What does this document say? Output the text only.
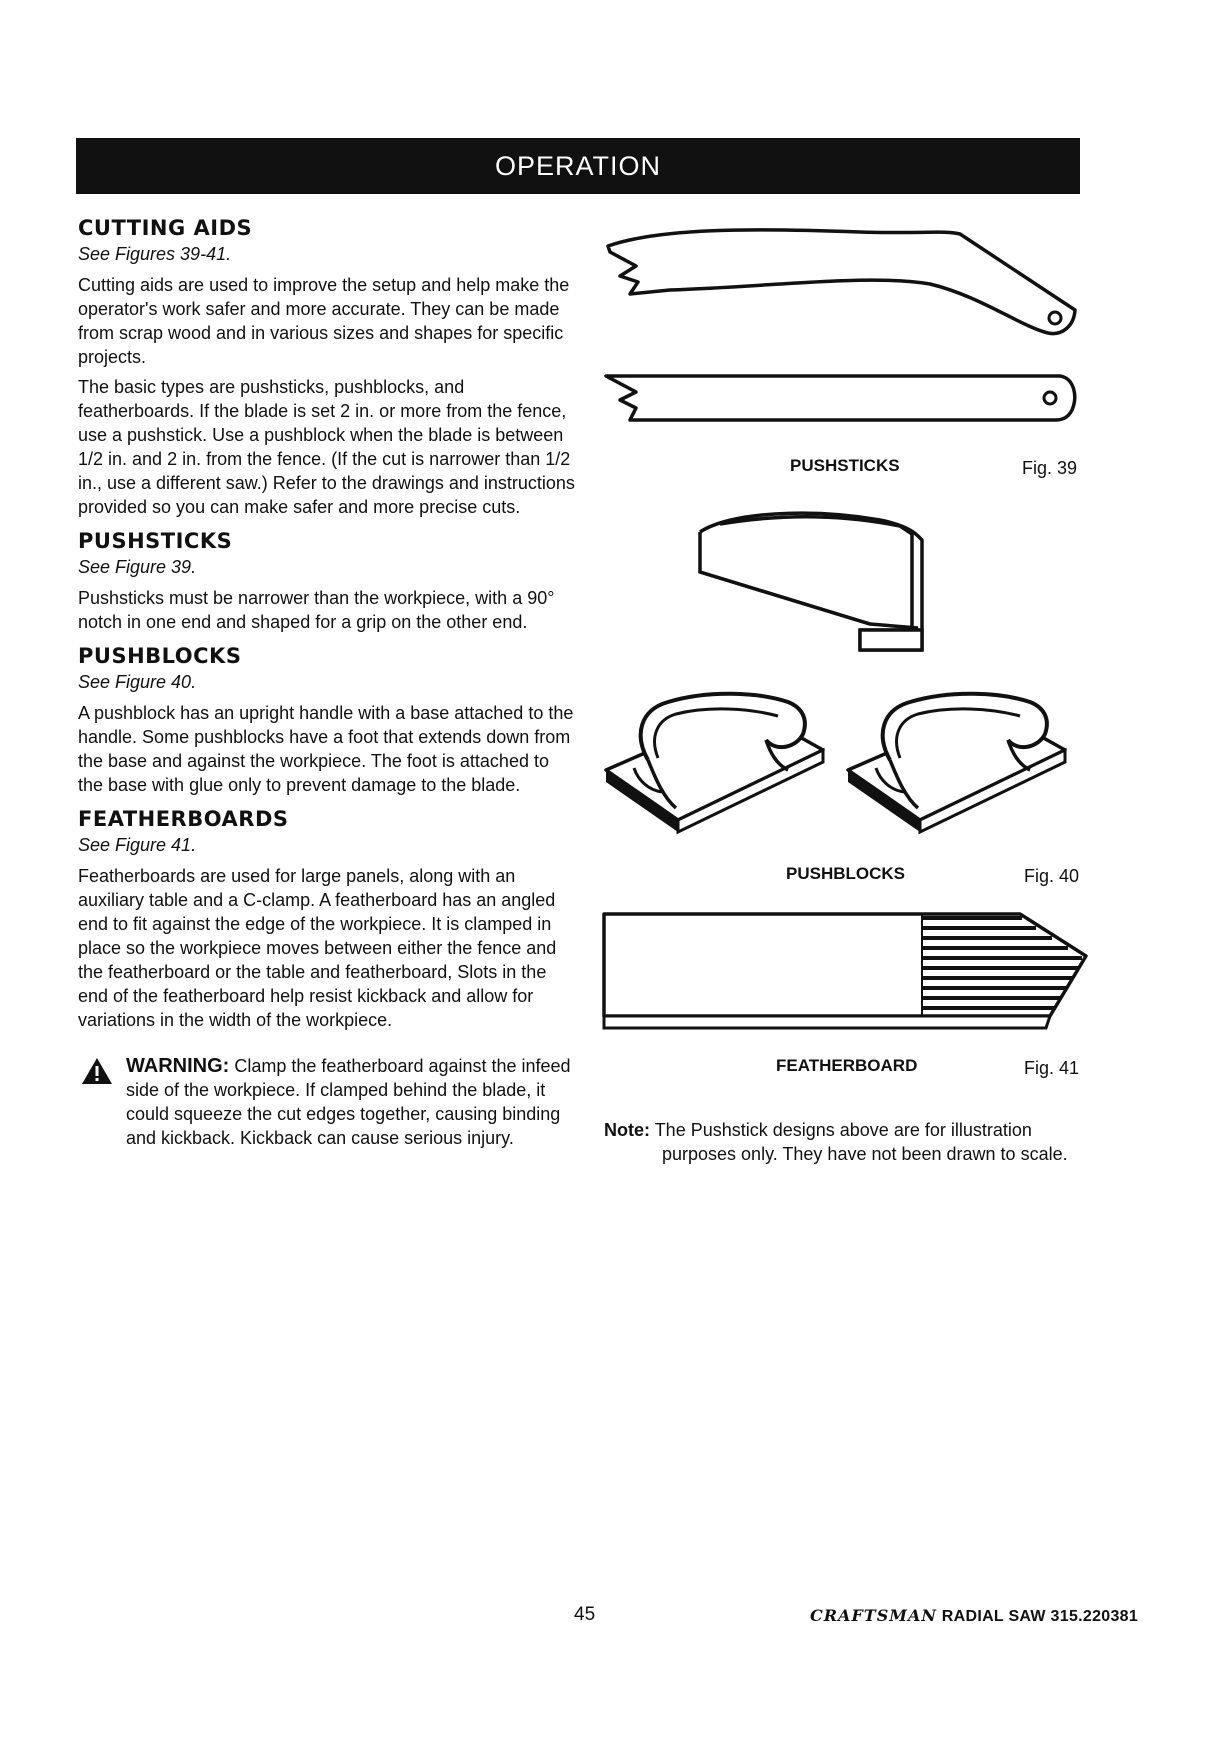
OPERATION
CUTTING AIDS
See Figures 39-41.

Cutting aids are used to improve the setup and help make the operator's work safer and more accurate. They can be made from scrap wood and in various sizes and shapes for specific projects.

The basic types are pushsticks, pushblocks, and featherboards. If the blade is set 2 in. or more from the fence, use a pushstick. Use a pushblock when the blade is between 1/2 in. and 2 in. from the fence. (If the cut is narrower than 1/2 in., use a different saw.) Refer to the drawings and instructions provided so you can make safer and more precise cuts.

PUSHSTICKS
See Figure 39.

Pushsticks must be narrower than the workpiece, with a 90° notch in one end and shaped for a grip on the other end.

PUSHBLOCKS
See Figure 40.

A pushblock has an upright handle with a base attached to the handle. Some pushblocks have a foot that extends down from the base and against the workpiece. The foot is attached to the base with glue only to prevent damage to the blade.

FEATHERBOARDS
See Figure 41.

Featherboards are used for large panels, along with an auxiliary table and a C-clamp. A featherboard has an angled end to fit against the edge of the workpiece. It is clamped in place so the workpiece moves between either the fence and the featherboard or the table and featherboard, Slots in the end of the featherboard help resist kickback and allow for variations in the width of the workpiece.

WARNING: Clamp the featherboard against the infeed side of the workpiece. If clamped behind the blade, it could squeeze the cut edges together, causing binding and kickback. Kickback can cause serious injury.
PUSHSTICKS	Fig. 39
PUSHBLOCKS	Fig. 40
FEATHERBOARD	Fig. 41
Note: The Pushstick designs above are for illustration purposes only. They have not been drawn to scale.
45	CRAFTSMAN RADIAL SAW 315.220381
